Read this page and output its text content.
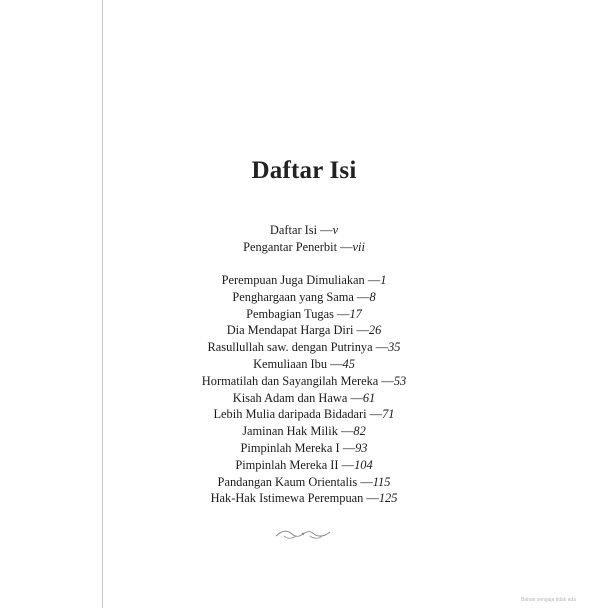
Daftar Isi
Daftar Isi —v
Pengantar Penerbit —vii
Perempuan Juga Dimuliakan —1
Penghargaan yang Sama —8
Pembagian Tugas —17
Dia Mendapat Harga Diri —26
Rasullullah saw. dengan Putrinya —35
Kemuliaan Ibu —45
Hormatilah dan Sayangilah Mereka —53
Kisah Adam dan Hawa —61
Lebih Mulia daripada Bidadari —71
Jaminan Hak Milik —82
Pimpinlah Mereka I —93
Pimpinlah Mereka II —104
Pandangan Kaum Orientalis —115
Hak-Hak Istimewa Perempuan —125
Bahan sengaja tidak ada
